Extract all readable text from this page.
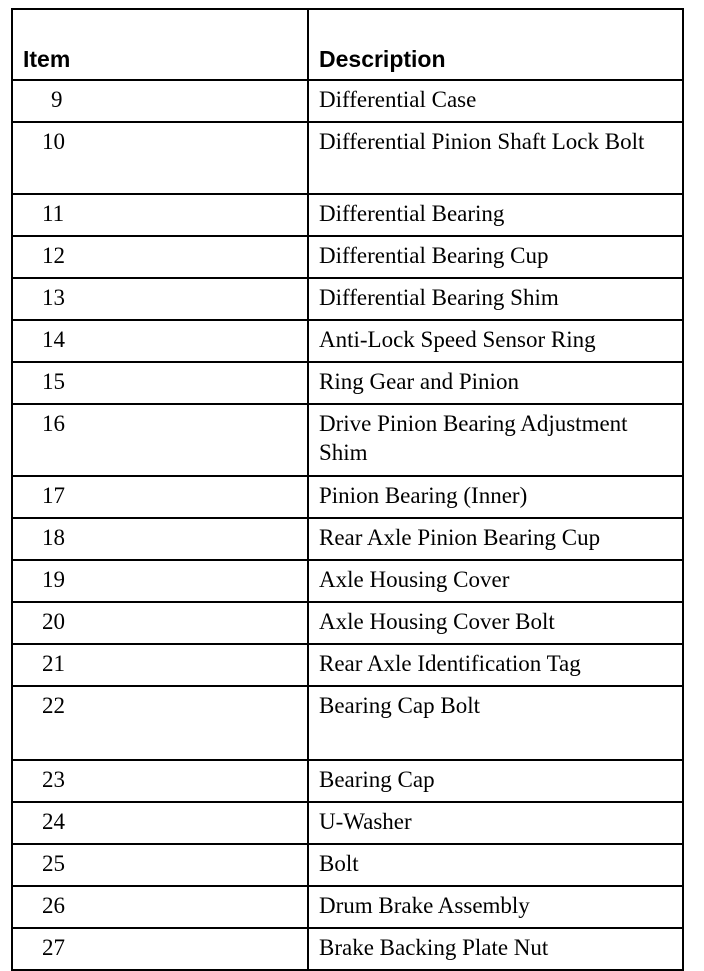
Item	Description
9	Differential Case
10	Differential Pinion Shaft Lock Bolt
11	Differential Bearing
12	Differential Bearing Cup
13	Differential Bearing Shim
14	Anti-Lock Speed Sensor Ring
15	Ring Gear and Pinion
16	Drive Pinion Bearing Adjustment Shim
17	Pinion Bearing (Inner)
18	Rear Axle Pinion Bearing Cup
19	Axle Housing Cover
20	Axle Housing Cover Bolt
21	Rear Axle Identification Tag
22	Bearing Cap Bolt
23	Bearing Cap
24	U-Washer
25	Bolt
26	Drum Brake Assembly
27	Brake Backing Plate Nut
